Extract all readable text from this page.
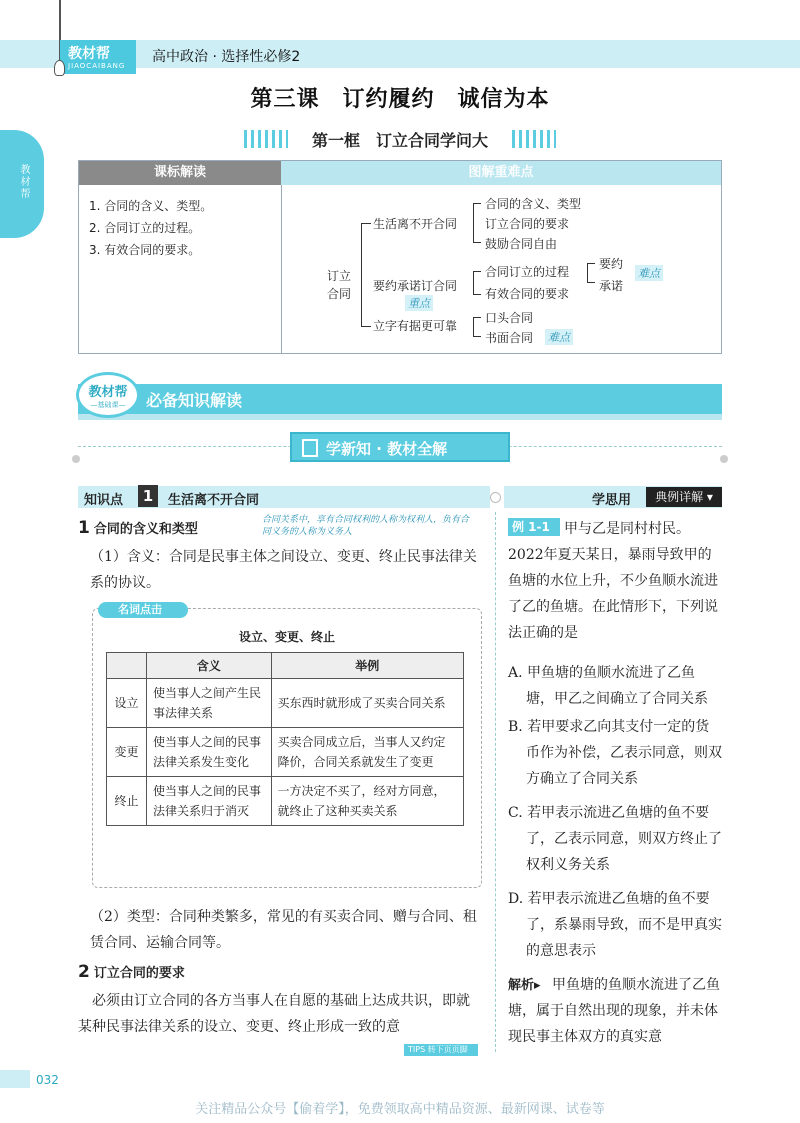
教材帮
JIAOCAIBANG
高中政治 · 选择性必修2
教材帮
第三课　订约履约　诚信为本
第一框　订立合同学问大
课标解读	图解重难点
1. 合同的含义、类型。
2. 合同订立的过程。
3. 有效合同的要求。
订立
合同
生活离不开合同
要约承诺订合同
重点
立字有据更可靠
合同的含义、类型
订立合同的要求
鼓励合同自由
合同订立的过程
有效合同的要求
要约
承诺
难点
口头合同
书面合同 难点
教材帮
—基础课—	必备知识解读
学新知 · 教材全解
知识点	1	生活离不开合同	学思用	典例详解 ▾
1 合同的含义和类型
合同关系中，享有合同权利的人称为权利人，负有合同义务的人称为义务人
（1）含义：合同是民事主体之间设立、变更、终止民事法律关系的协议。
名词点击
设立、变更、终止
	含义	举例
设立	使当事人之间产生民事法律关系	买东西时就形成了买卖合同关系
变更	使当事人之间的民事法律关系发生变化	买卖合同成立后，当事人又约定降价，合同关系就发生了变更
终止	使当事人之间的民事法律关系归于消灭	一方决定不买了，经对方同意，就终止了这种买卖关系
（2）类型：合同种类繁多，常见的有买卖合同、赠与合同、租赁合同、运输合同等。
2 订立合同的要求
必须由订立合同的各方当事人在自愿的基础上达成共识，即就某种民事法律关系的设立、变更、终止形成一致的意
TIPS 转下页页脚
例 1-1	甲与乙是同村村民。2022年夏天某日，暴雨导致甲的鱼塘的水位上升，不少鱼顺水流进了乙的鱼塘。在此情形下，下列说法正确的是
A. 甲鱼塘的鱼顺水流进了乙鱼塘，甲乙之间确立了合同关系
B. 若甲要求乙向其支付一定的货币作为补偿，乙表示同意，则双方确立了合同关系
C. 若甲表示流进乙鱼塘的鱼不要了，乙表示同意，则双方终止了权利义务关系
D. 若甲表示流进乙鱼塘的鱼不要了，系暴雨导致，而不是甲真实的意思表示
解析▸ 甲鱼塘的鱼顺水流进了乙鱼塘，属于自然出现的现象，并未体现民事主体双方的真实意
032
关注精品公众号【偷着学】，免费领取高中精品资源、最新网课、试卷等
